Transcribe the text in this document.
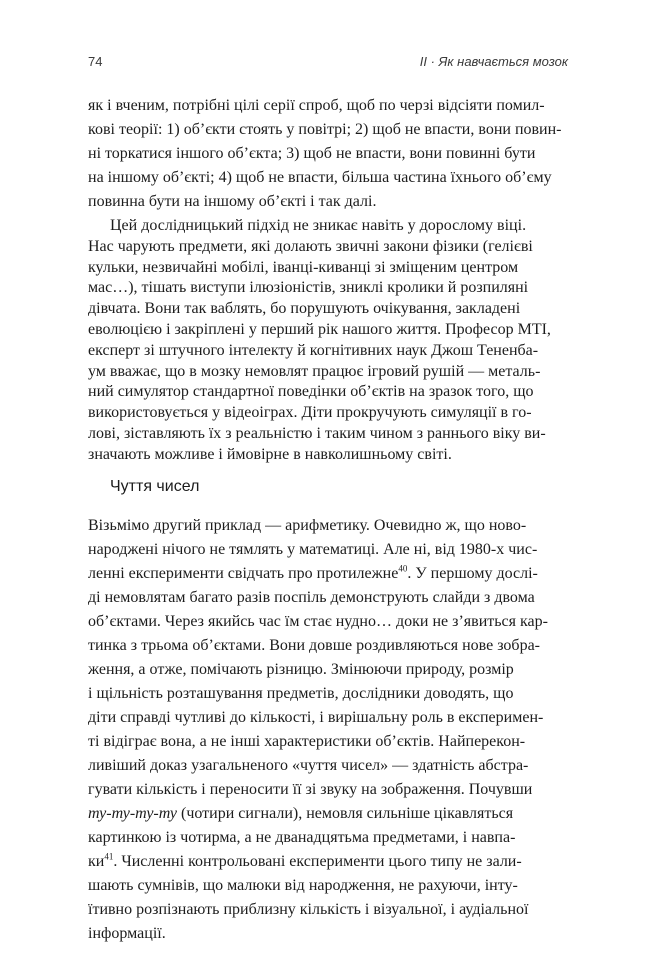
74	II · Як навчається мозок
як і вченим, потрібні цілі серії спроб, щоб по черзі відсіяти помил-
кові теорії: 1) об’єкти стоять у повітрі; 2) щоб не впасти, вони повин-
ні торкатися іншого об’єкта; 3) щоб не впасти, вони повинні бути
на іншому об’єкті; 4) щоб не впасти, більша частина їхнього об’єму
повинна бути на іншому об’єкті і так далі.
Цей дослідницький підхід не зникає навіть у дорослому віці.
Нас чарують предмети, які долають звичні закони фізики (гелієві
кульки, незвичайні мобілі, іванці-киванці зі зміщеним центром
мас…), тішать виступи ілюзіоністів, зниклі кролики й розпиляні
дівчата. Вони так ваблять, бо порушують очікування, закладені
еволюцією і закріплені у перший рік нашого життя. Професор МТІ,
експерт зі штучного інтелекту й когнітивних наук Джош Тененба-
ум вважає, що в мозку немовлят працює ігровий рушій — металь-
ний симулятор стандартної поведінки об’єктів на зразок того, що
використовується у відеоіграх. Діти прокручують симуляції в го-
лові, зіставляють їх з реальністю і таким чином з раннього віку ви-
Чуття чисел
Візьмімо другий приклад — арифметику. Очевидно ж, що ново-
народжені нічого не тямлять у математиці. Але ні, від 1980-х чис-
ленні експерименти свідчать про протилежне$^{40}$. У першому дослі-
ді немовлятам багато разів поспіль демонструють слайди з двома
об’єктами. Через якийсь час їм стає нудно… доки не з’явиться кар-
тинка з трьома об’єктами. Вони довше роздивляються нове зобра-
ження, а отже, помічають різницю. Змінюючи природу, розмір
і щільність розташування предметів, дослідники доводять, що
діти справді чутливі до кількості, і вирішальну роль в експеримен-
ті відіграє вона, а не інші характеристики об’єктів. Найперекон-
ливіший доказ узагальненого «чуття чисел» — здатність абстра-
гувати кількість і переносити її зі звуку на зображення. Почувши
ту-ту-ту-ту (чотири сигнали), немовля сильніше цікавляться
картинкою із чотирма, а не дванадцятьма предметами, і навпа-
$ки^{41}$. Численні контрольовані експерименти цього типу не зали-
шають сумнівів, що малюки від народження, не рахуючи, інту-
їтивно розпізнають приблизну кількість і візуальної, і аудіальної
інформації.
значають можливе і ймовірне в навколишньому світі.
